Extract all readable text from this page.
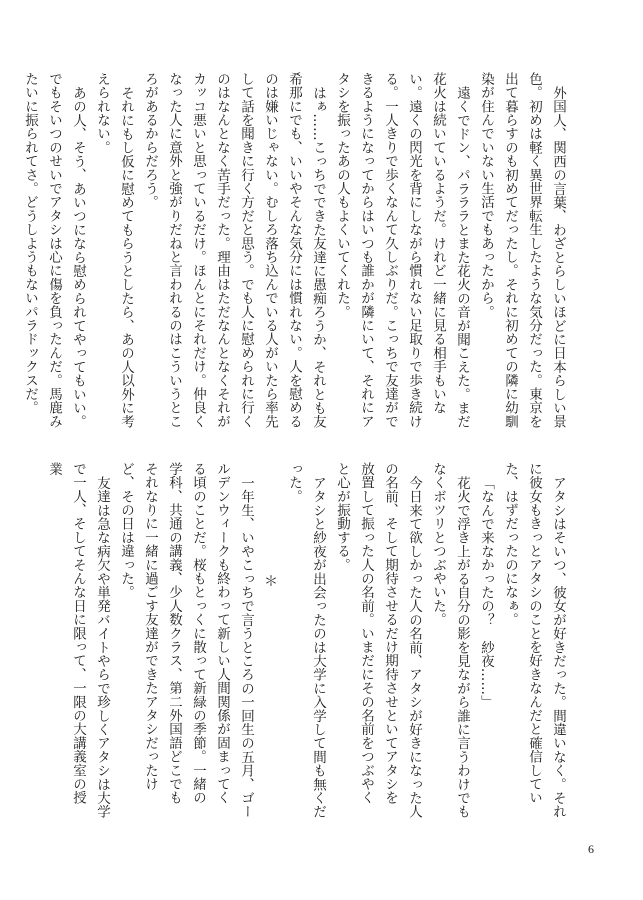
外国人、関西の言葉、わざとらしいほどに日本らしい景色。初めは軽く異世界転生したような気分だった。東京を出て暮らすのも初めてだったし。それに初めての隣に幼馴染が住んでいない生活でもあったから。

遠くでドン、パラララとまた花火の音が聞こえた。まだ花火は続いているようだ。けれど一緒に見る相手もいない。遠くの閃光を背にしながら慣れない足取りで歩き続ける。一人きりで歩くなんて久しぶりだ。こっちで友達ができるようになってからはいつも誰かが隣にいて、それにアタシを振ったあの人もよくいてくれた。

はぁ……こっちでできた友達に愚痴ろうか、それとも友希那にでも、いいやそんな気分には慣れない。人を慰めるのは嫌いじゃない。むしろ落ち込んでいる人がいたら率先して話を聞きに行く方だと思う。でも人に慰められに行くのはなんとなく苦手だった。理由はただなんとなくそれがカッコ悪いと思っているだけ。ほんとにそれだけ。仲良くなった人に意外と強がりだねと言われるのはこういうところがあるからだろう。

それにもし仮に慰めてもらうとしたら、あの人以外に考えられない。

あの人、そう、あいつになら慰められてやってもいい。でもそいつのせいでアタシは心に傷を負ったんだ。馬鹿みたいに振られてさ。どうしようもないパラドックスだ。

アタシはそいつ、彼女が好きだった。間違いなく。それに彼女もきっとアタシのことを好きなんだと確信していた、はずだったのになぁ。

「なんで来なかったの？　紗夜……」

花火で浮き上がる自分の影を見ながら誰に言うわけでもなくボツリとつぶやいた。

今日来て欲しかった人の名前、アタシが好きになった人の名前、そして期待させるだけ期待させといてアタシを放置して振った人の名前。いまだにその名前をつぶやくと心が振動する。

アタシと紗夜が出会ったのは大学に入学して間も無くだった。

＊

一年生、いやこっちで言うところの一回生の五月、ゴールデンウィークも終わって新しい人間関係が固まってくる頃のことだ。桜もとっくに散って新緑の季節。一緒の学科、共通の講義、少人数クラス、第二外国語どこでもそれなりに一緒に過ごす友達ができたアタシだったけど、その日は違った。

友達は急な病欠や単発バイトやらで珍しくアタシは大学で一人、そしてそんな日に限って、一限の大講義室の授業

6
